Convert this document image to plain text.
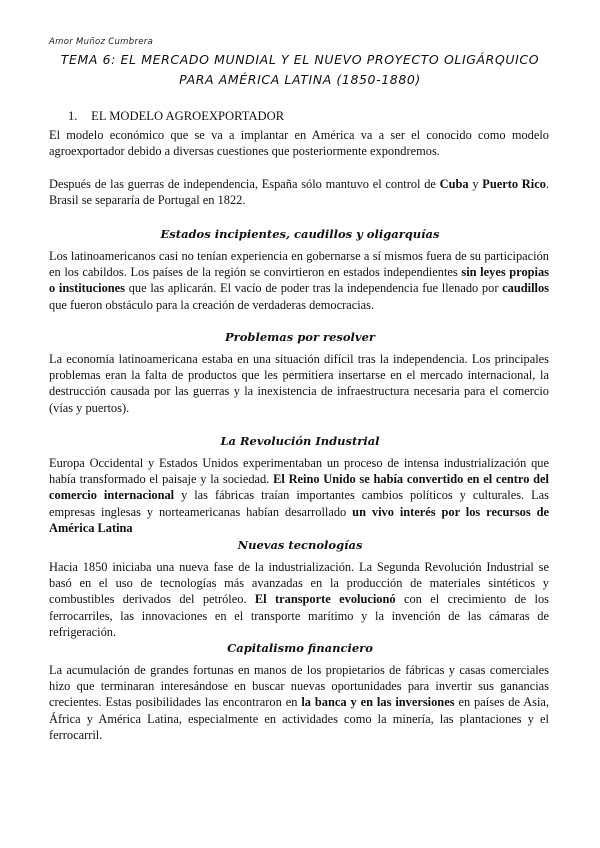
Amor Muñoz Cumbrera
TEMA 6: EL MERCADO MUNDIAL Y EL NUEVO PROYECTO OLIGÁRQUICO
PARA AMÉRICA LATINA (1850-1880)
1. EL MODELO AGROEXPORTADOR

El modelo económico que se va a implantar en América va a ser el conocido como modelo agroexportador debido a diversas cuestiones que posteriormente expondremos.

Después de las guerras de independencia, España sólo mantuvo el control de Cuba y Puerto Rico. Brasil se separaría de Portugal en 1822.

Estados incipientes, caudillos y oligarquías

Los latinoamericanos casi no tenían experiencia en gobernarse a sí mismos fuera de su participación en los cabildos. Los países de la región se convirtieron en estados independientes sin leyes propias o instituciones que las aplicarán. El vacío de poder tras la independencia fue llenado por caudillos que fueron obstáculo para la creación de verdaderas democracias.

Problemas por resolver

La economía latinoamericana estaba en una situación difícil tras la independencia. Los principales problemas eran la falta de productos que les permitiera insertarse en el mercado internacional, la destrucción causada por las guerras y la inexistencia de infraestructura necesaria para el comercio (vías y puertos).

La Revolución Industrial

Europa Occidental y Estados Unidos experimentaban un proceso de intensa industrialización que había transformado el paisaje y la sociedad. El Reino Unido se había convertido en el centro del comercio internacional y las fábricas traían importantes cambios políticos y culturales. Las empresas inglesas y norteamericanas habían desarrollado un vivo interés por los recursos de América Latina

Nuevas tecnologías

Hacia 1850 iniciaba una nueva fase de la industrialización. La Segunda Revolución Industrial se basó en el uso de tecnologías más avanzadas en la producción de materiales sintéticos y combustibles derivados del petróleo. El transporte evolucionó con el crecimiento de los ferrocarriles, las innovaciones en el transporte marítimo y la invención de las cámaras de refrigeración.

Capitalismo financiero

La acumulación de grandes fortunas en manos de los propietarios de fábricas y casas comerciales hizo que terminaran interesándose en buscar nuevas oportunidades para invertir sus ganancias crecientes. Estas posibilidades las encontraron en la banca y en las inversiones en países de Asia, África y América Latina, especialmente en actividades como la minería, las plantaciones y el ferrocarril.
